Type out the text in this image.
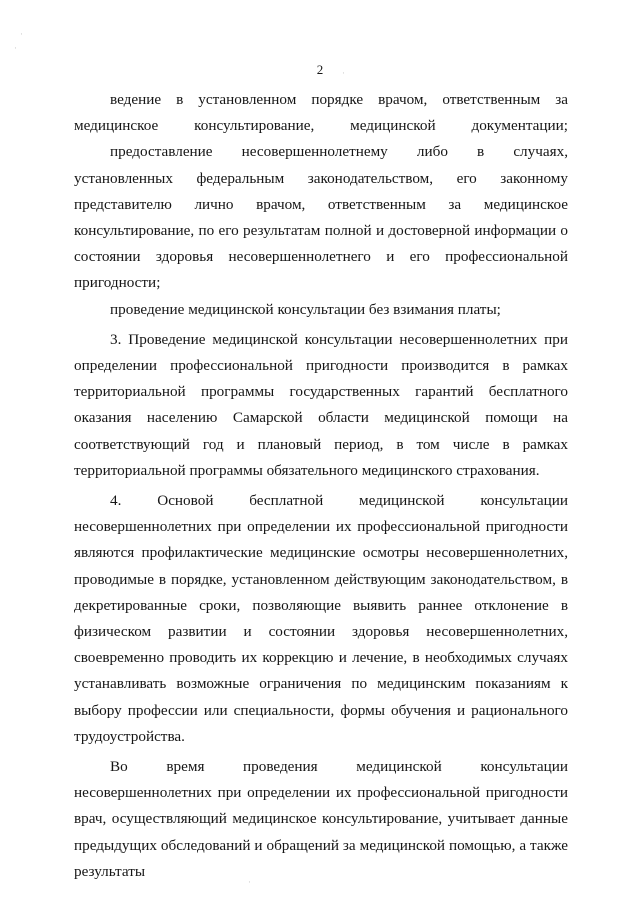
·
·
·
·
2

ведение в установленном порядке врачом, ответственным за медицинское консультирование, медицинской документации;

предоставление несовершеннолетнему либо в случаях, установленных федеральным законодательством, его законному представителю лично врачом, ответственным за медицинское консультирование, по его результатам полной и достоверной информации о состоянии здоровья несовершеннолетнего и его профессиональной пригодности;

проведение медицинской консультации без взимания платы;

3. Проведение медицинской консультации несовершеннолетних при определении профессиональной пригодности производится в рамках территориальной программы государственных гарантий бесплатного оказания населению Самарской области медицинской помощи на соответствующий год и плановый период, в том числе в рамках территориальной программы обязательного медицинского страхования.

4. Основой бесплатной медицинской консультации несовершеннолетних при определении их профессиональной пригодности являются профилактические медицинские осмотры несовершеннолетних, проводимые в порядке, установленном действующим законодательством, в декретированные сроки, позволяющие выявить раннее отклонение в физическом развитии и состоянии здоровья несовершеннолетних, своевременно проводить их коррекцию и лечение, в необходимых случаях устанавливать возможные ограничения по медицинским показаниям к выбору профессии или специальности, формы обучения и рационального трудоустройства.

Во время проведения медицинской консультации несовершеннолетних при определении их профессиональной пригодности врач, осуществляющий медицинское консультирование, учитывает данные предыдущих обследований и обращений за медицинской помощью, а также результаты
